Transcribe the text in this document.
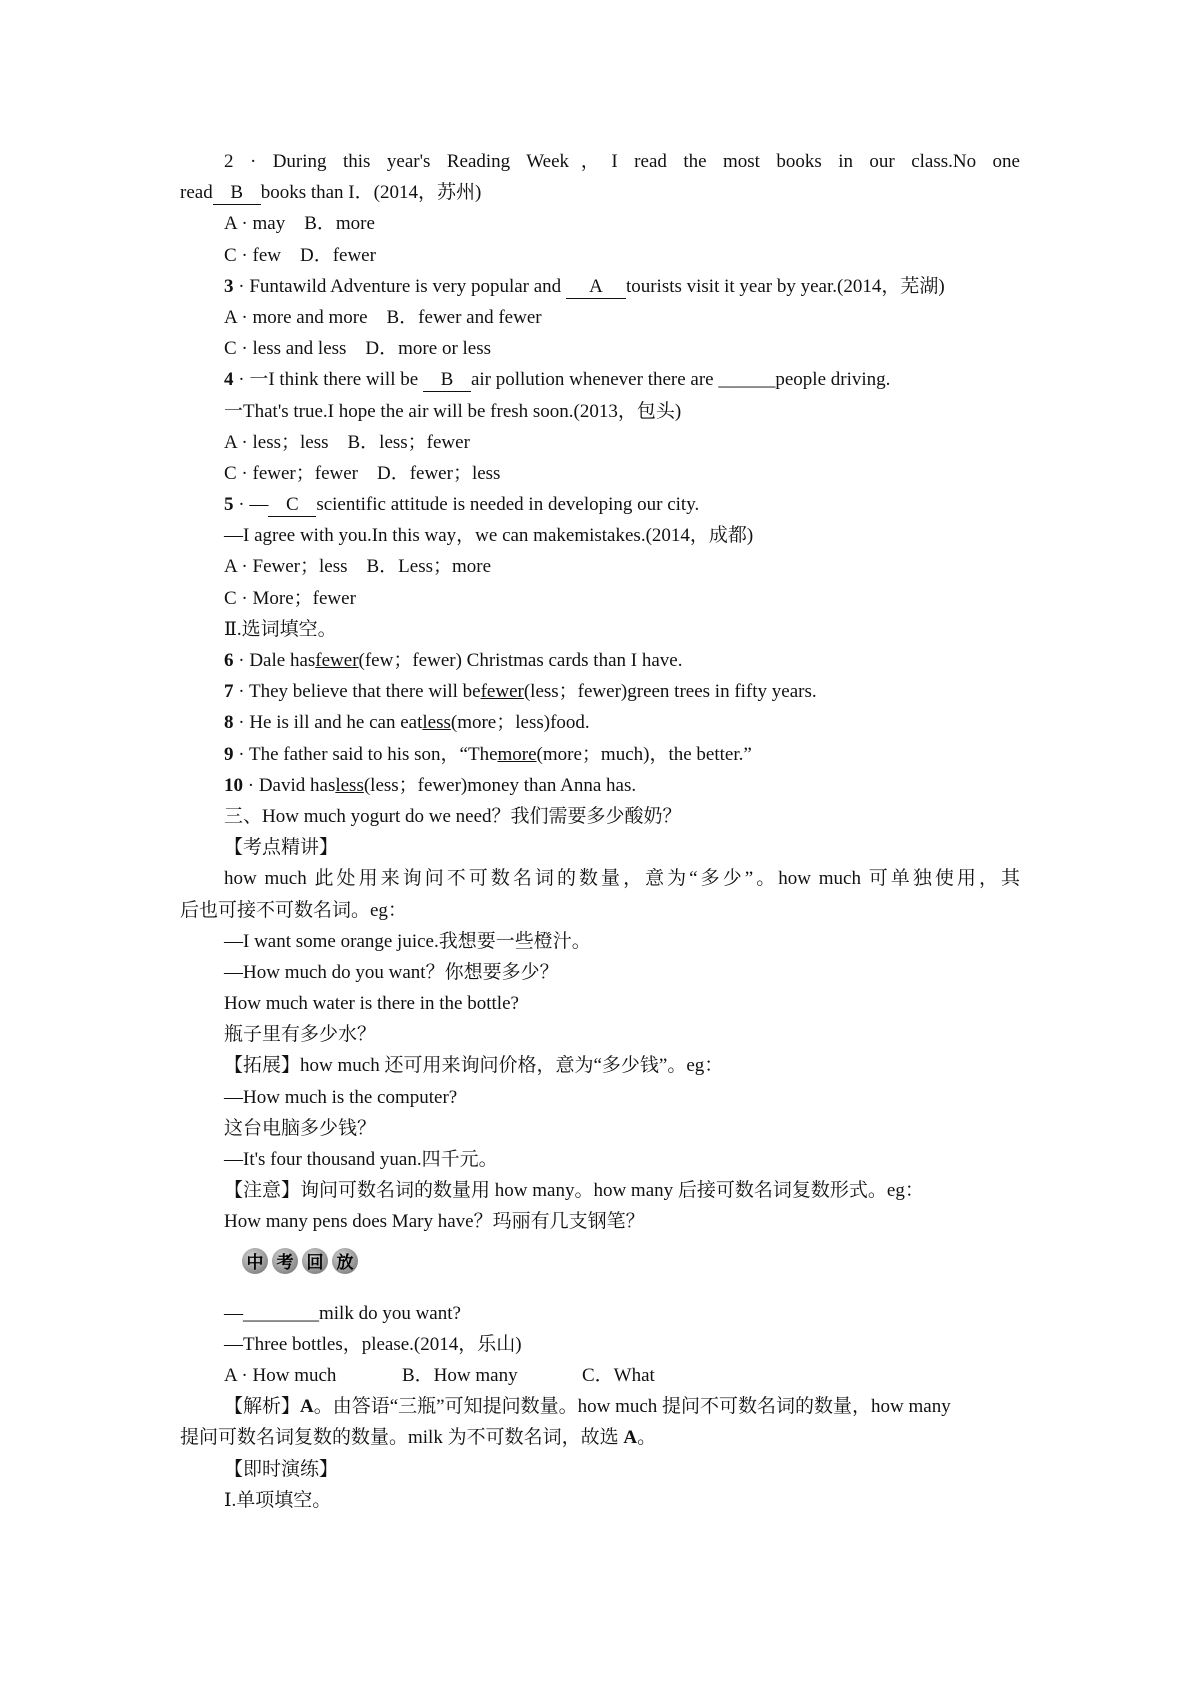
2 · During this year's Reading Week，I read the most books in our class.No one
read B books than I．(2014，苏州)
A · may　B．more
C · few　D．fewer
3 · Funtawild Adventure is very popular and A tourists visit it year by year.(2014，芜湖)
A · more and more　B．fewer and fewer
C · less and less　D．more or less
4 · 一I think there will be B air pollution whenever there are ______people driving.
一That's true.I hope the air will be fresh soon.(2013，包头)
A · less；less　B．less；fewer
C · fewer；fewer　D．fewer；less
5 · — C scientific attitude is needed in developing our city.
—I agree with you.In this way，we can makemistakes.(2014，成都)
A · Fewer；less　B．Less；more
C · More；fewer
Ⅱ.选词填空。
6 · Dale hasfewer(few；fewer) Christmas cards than I have.
7 · They believe that there will befewer(less；fewer)green trees in fifty years.
8 · He is ill and he can eatless(more；less)food.
9 · The father said to his son，“Themore(more；much)，the better.”
10 · David hasless(less；fewer)money than Anna has.
三、How much yogurt do we need？我们需要多少酸奶？
【考点精讲】
how much 此处用来询问不可数名词的数量，意为“多少”。how much 可单独使用，其
后也可接不可数名词。eg：
—I want some orange juice.我想要一些橙汁。
—How much do you want？你想要多少？
How much water is there in the bottle?
瓶子里有多少水？
【拓展】how much 还可用来询问价格，意为“多少钱”。eg：
—How much is the computer?
这台电脑多少钱？
—It's four thousand yuan.四千元。
【注意】询问可数名词的数量用 how many。how many 后接可数名词复数形式。eg：
How many pens does Mary have？玛丽有几支钢笔？
中 考 回 放
—________milk do you want?
—Three bottles，please.(2014，乐山)
A · How much	B．How many	C．What
【解析】A。由答语“三瓶”可知提问数量。how much 提问不可数名词的数量，how many
提问可数名词复数的数量。milk 为不可数名词，故选 A。
【即时演练】
Ⅰ.单项填空。
